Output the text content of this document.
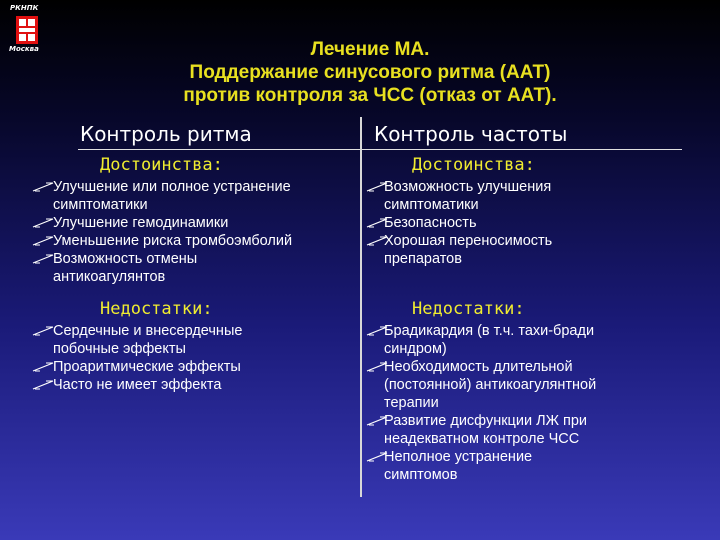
РКНПК
Москва	Лечение МА.
Поддержание синусового ритма (ААТ)
против контроля за ЧСС (отказ от ААТ).
Контроль ритма	Контроль частоты
Достоинства:	Достоинства:
Недостатки:	Недостатки:
Улучшение или полное устранение
симптоматики
Улучшение гемодинамики
Уменьшение риска тромбоэмболий
Возможность отмены
антикоагулянтов
Сердечные и внесердечные
побочные эффекты
Проаритмические эффекты
Часто не имеет эффекта
Возможность улучшения
симптоматики
Безопасность
Хорошая переносимость
препаратов
Брадикардия (в т.ч. тахи-бради
синдром)
Необходимость длительной
(постоянной) антикоагулянтной
терапии
Развитие дисфункции ЛЖ при
неадекватном контроле ЧСС
Неполное устранение
симптомов
